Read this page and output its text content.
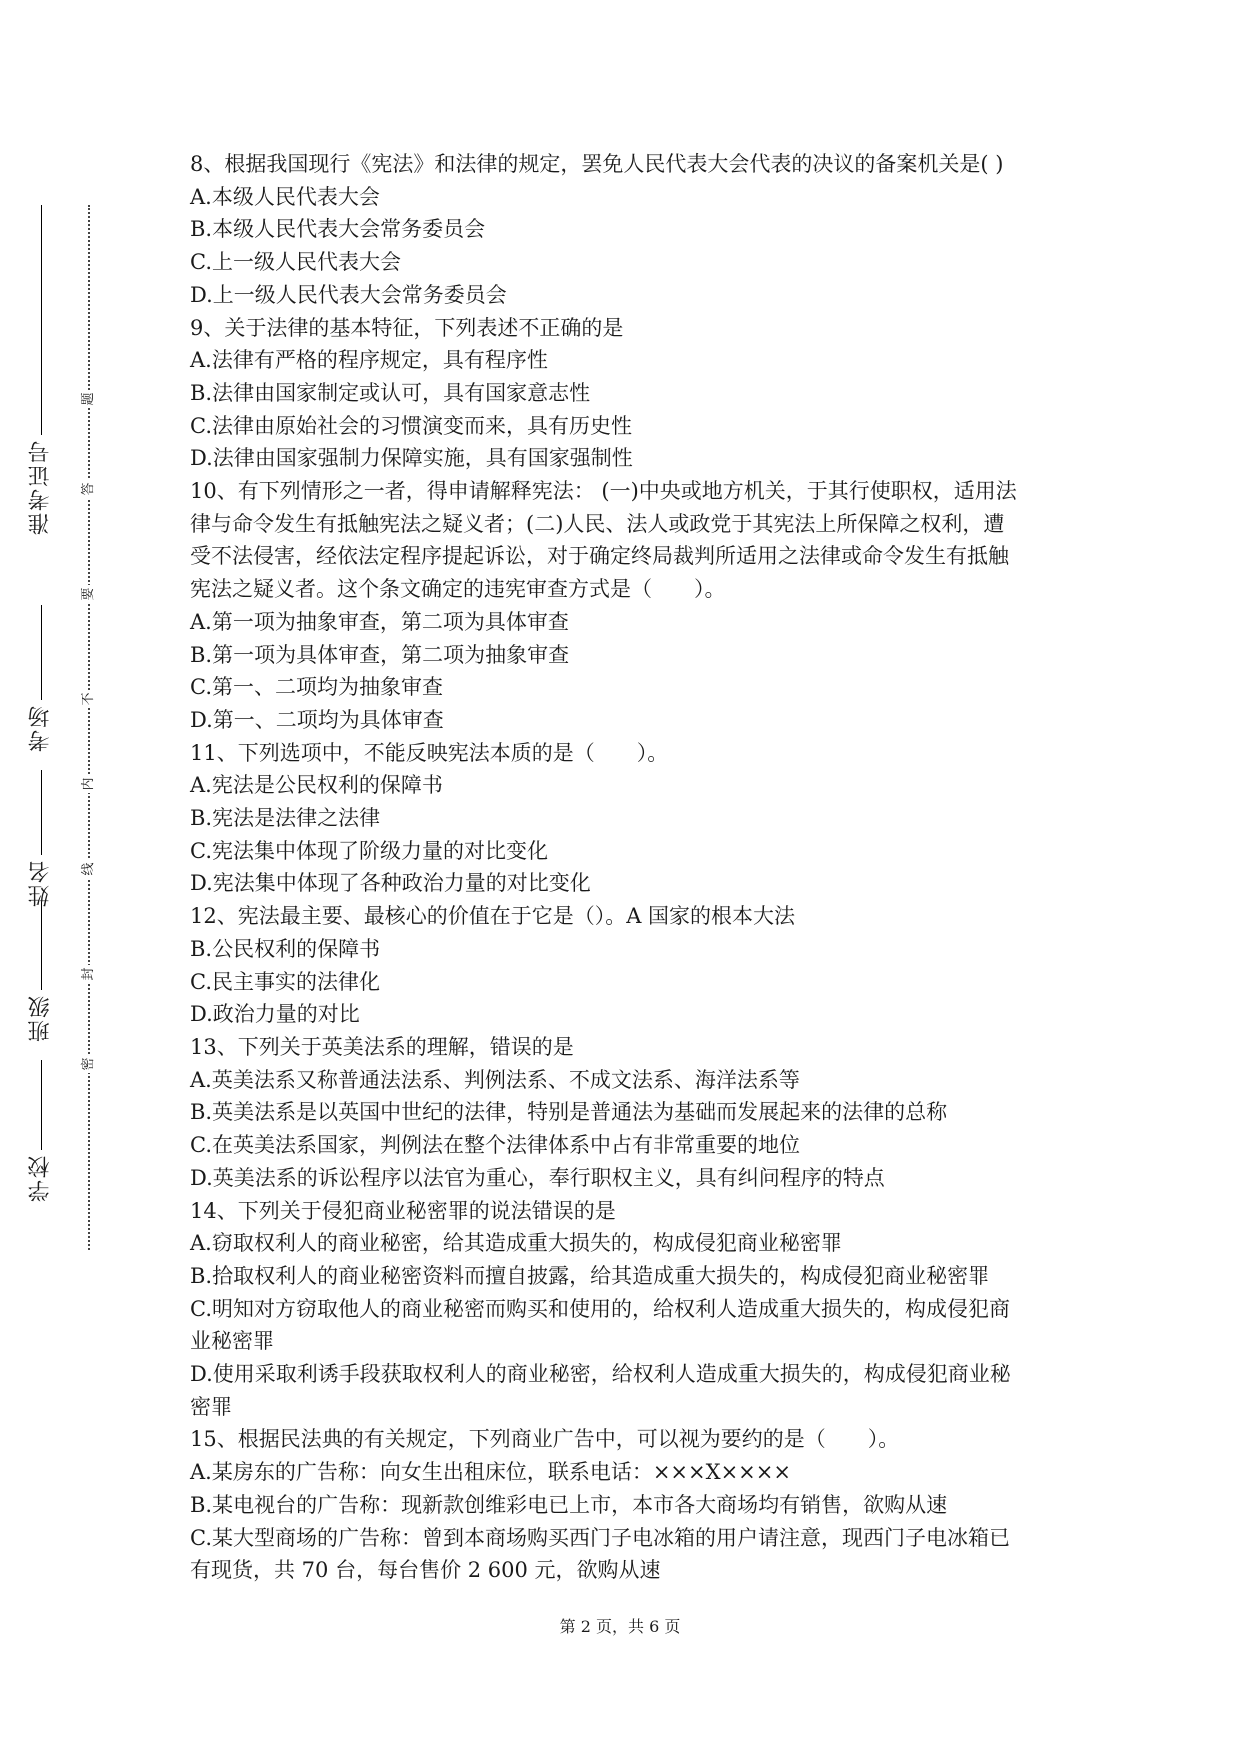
学校
班级
姓名
考场
准考证号
密
封
线
内
不
要
答
题

8、根据我国现行《宪法》和法律的规定，罢免人民代表大会代表的决议的备案机关是( )

A.本级人民代表大会

B.本级人民代表大会常务委员会

C.上一级人民代表大会

D.上一级人民代表大会常务委员会

9、关于法律的基本特征，下列表述不正确的是

A.法律有严格的程序规定，具有程序性

B.法律由国家制定或认可，具有国家意志性

C.法律由原始社会的习惯演变而来，具有历史性

D.法律由国家强制力保障实施，具有国家强制性

10、有下列情形之一者，得申请解释宪法： (一)中央或地方机关，于其行使职权，适用法

律与命令发生有抵触宪法之疑义者；(二)人民、法人或政党于其宪法上所保障之权利，遭

受不法侵害，经依法定程序提起诉讼，对于确定终局裁判所适用之法律或命令发生有抵触

宪法之疑义者。这个条文确定的违宪审查方式是（　　）。

A.第一项为抽象审查，第二项为具体审查

B.第一项为具体审查，第二项为抽象审查

C.第一、二项均为抽象审查

D.第一、二项均为具体审查

11、下列选项中，不能反映宪法本质的是（　　）。

A.宪法是公民权利的保障书

B.宪法是法律之法律

C.宪法集中体现了阶级力量的对比变化

D.宪法集中体现了各种政治力量的对比变化

12、宪法最主要、最核心的价值在于它是（）。A 国家的根本大法

B.公民权利的保障书

C.民主事实的法律化

D.政治力量的对比

13、下列关于英美法系的理解，错误的是

A.英美法系又称普通法法系、判例法系、不成文法系、海洋法系等

B.英美法系是以英国中世纪的法律，特别是普通法为基础而发展起来的法律的总称

C.在英美法系国家，判例法在整个法律体系中占有非常重要的地位

D.英美法系的诉讼程序以法官为重心，奉行职权主义，具有纠问程序的特点

14、下列关于侵犯商业秘密罪的说法错误的是

A.窃取权利人的商业秘密，给其造成重大损失的，构成侵犯商业秘密罪

B.拾取权利人的商业秘密资料而擅自披露，给其造成重大损失的，构成侵犯商业秘密罪

C.明知对方窃取他人的商业秘密而购买和使用的，给权利人造成重大损失的，构成侵犯商

业秘密罪

D.使用采取利诱手段获取权利人的商业秘密，给权利人造成重大损失的，构成侵犯商业秘

密罪

15、根据民法典的有关规定，下列商业广告中，可以视为要约的是（　　）。

A.某房东的广告称：向女生出租床位，联系电话：×××X××××

B.某电视台的广告称：现新款创维彩电已上市，本市各大商场均有销售，欲购从速

C.某大型商场的广告称：曾到本商场购买西门子电冰箱的用户请注意，现西门子电冰箱已

有现货，共 70 台，每台售价 2 600 元，欲购从速

第 2 页，共 6 页
